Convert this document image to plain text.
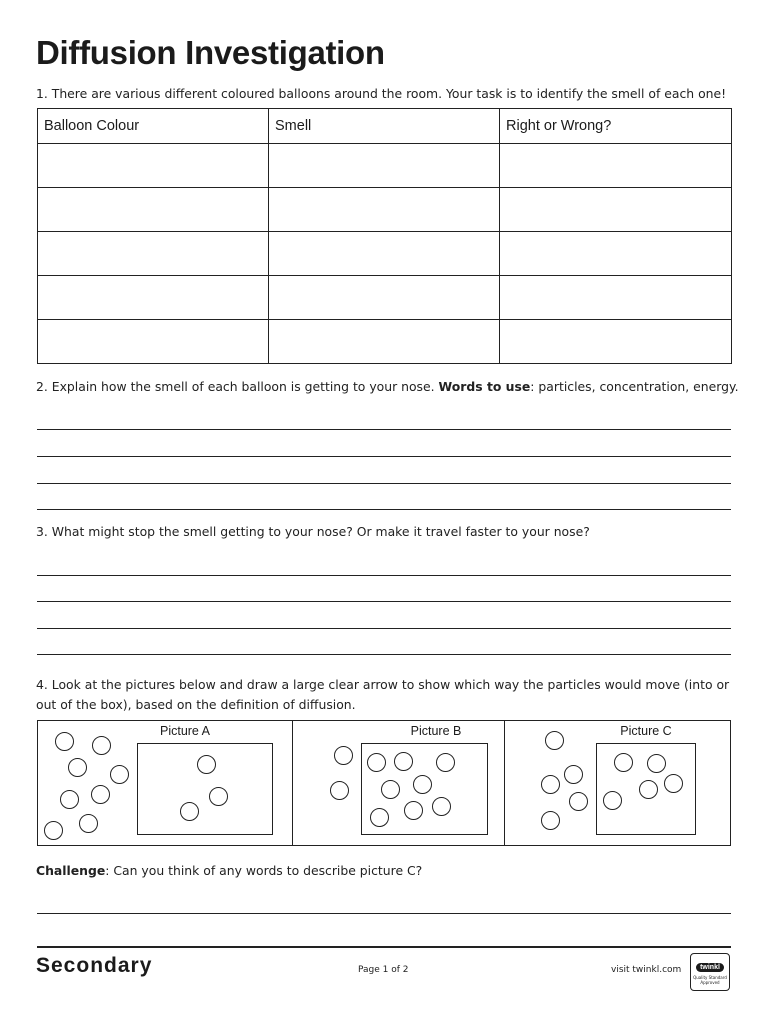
Diffusion Investigation
1. There are various different coloured balloons around the room. Your task is to identify the smell of each one!
Balloon Colour	Smell	Right or Wrong?

2. Explain how the smell of each balloon is getting to your nose. Words to use: particles, concentration, energy.
3. What might stop the smell getting to your nose? Or make it travel faster to your nose?
4. Look at the pictures below and draw a large clear arrow to show which way the particles would move (into or out of the box), based on the definition of diffusion.
Picture A	Picture B	Picture C
Challenge: Can you think of any words to describe picture C?
Secondary	Page 1 of 2	visit twinkl.com	twinkl
Quality Standard Approved
